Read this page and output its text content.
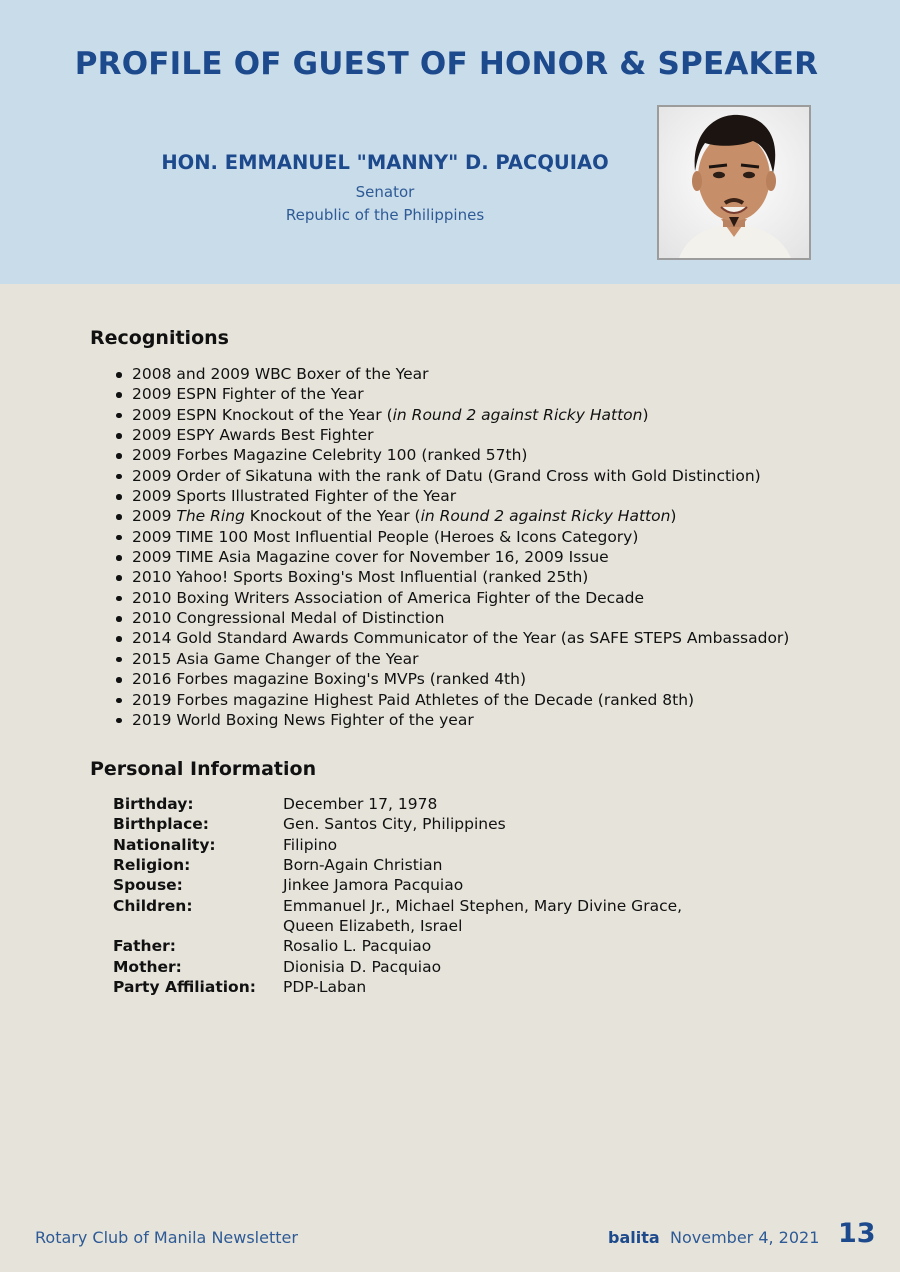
PROFILE OF GUEST OF HONOR & SPEAKER
HON. EMMANUEL "MANNY" D. PACQUIAO
Senator
Republic of the Philippines
Recognitions
2008 and 2009 WBC Boxer of the Year
2009 ESPN Fighter of the Year
2009 ESPN Knockout of the Year (in Round 2 against Ricky Hatton)
2009 ESPY Awards Best Fighter
2009 Forbes Magazine Celebrity 100 (ranked 57th)
2009 Order of Sikatuna with the rank of Datu (Grand Cross with Gold Distinction)
2009 Sports Illustrated Fighter of the Year
2009 The Ring Knockout of the Year (in Round 2 against Ricky Hatton)
2009 TIME 100 Most Influential People (Heroes & Icons Category)
2009 TIME Asia Magazine cover for November 16, 2009 Issue
2010 Yahoo! Sports Boxing's Most Influential (ranked 25th)
2010 Boxing Writers Association of America Fighter of the Decade
2010 Congressional Medal of Distinction
2014 Gold Standard Awards Communicator of the Year (as SAFE STEPS Ambassador)
2015 Asia Game Changer of the Year
2016 Forbes magazine Boxing's MVPs (ranked 4th)
2019 Forbes magazine Highest Paid Athletes of the Decade (ranked 8th)
2019 World Boxing News Fighter of the year
Personal Information
Birthday:	December 17, 1978
Birthplace:	Gen. Santos City, Philippines
Nationality:	Filipino
Religion:	Born-Again Christian
Spouse:	Jinkee Jamora Pacquiao
Children:	Emmanuel Jr., Michael Stephen, Mary Divine Grace,
Queen Elizabeth, Israel
Father:	Rosalio L. Pacquiao
Mother:	Dionisia D. Pacquiao
Party Affiliation:	PDP-Laban
Rotary Club of Manila Newsletter	balita November 4, 2021 13
